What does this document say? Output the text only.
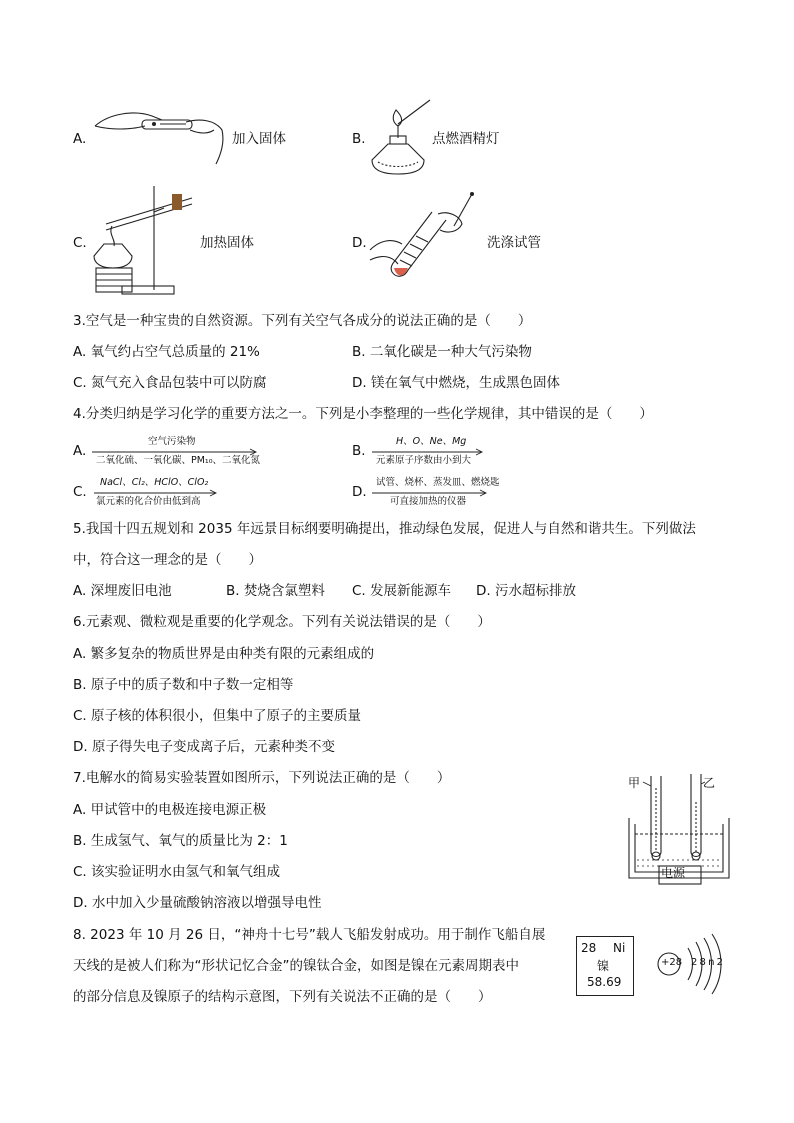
A.	加入固体	B.	点燃酒精灯
C.	加热固体	D.	洗涤试管
3.空气是一种宝贵的自然资源。下列有关空气各成分的说法正确的是（　　）
A. 氧气约占空气总质量的 21%	B. 二氧化碳是一种大气污染物
C. 氮气充入食品包装中可以防腐	D. 镁在氧气中燃烧，生成黑色固体
4.分类归纳是学习化学的重要方法之一。下列是小李整理的一些化学规律，其中错误的是（　　）
A.
空气污染物
二氧化硫、一氧化碳、PM₁₀、二氧化氮
B.
H、O、Ne、Mg
元素原子序数由小到大
C.
NaCl、Cl₂、HClO、ClO₂
氯元素的化合价由低到高
D.
试管、烧杯、蒸发皿、燃烧匙
可直接加热的仪器
5.我国十四五规划和 2035 年远景目标纲要明确提出，推动绿色发展，促进人与自然和谐共生。下列做法
中，符合这一理念的是（　　）
A. 深埋废旧电池	B. 焚烧含氯塑料 C. 发展新能源车 D. 污水超标排放
6.元素观、微粒观是重要的化学观念。下列有关说法错误的是（　　）
A. 繁多复杂的物质世界是由种类有限的元素组成的
B. 原子中的质子数和中子数一定相等
C. 原子核的体积很小，但集中了原子的主要质量
D. 原子得失电子变成离子后，元素种类不变
7.电解水的简易实验装置如图所示，下列说法正确的是（　　）
A. 甲试管中的电极连接电源正极
B. 生成氢气、氧气的质量比为 2：1
C. 该实验证明水由氢气和氧气组成
D. 水中加入少量硫酸钠溶液以增强导电性
甲	乙
电源
8. 2023 年 10 月 26 日，“神舟十七号”载人飞船发射成功。用于制作飞船自展
天线的是被人们称为“形状记忆合金”的镍钛合金，如图是镍在元素周期表中
的部分信息及镍原子的结构示意图，下列有关说法不正确的是（　　）
28 Ni
镍
58.69
+28 2 8 n 2
